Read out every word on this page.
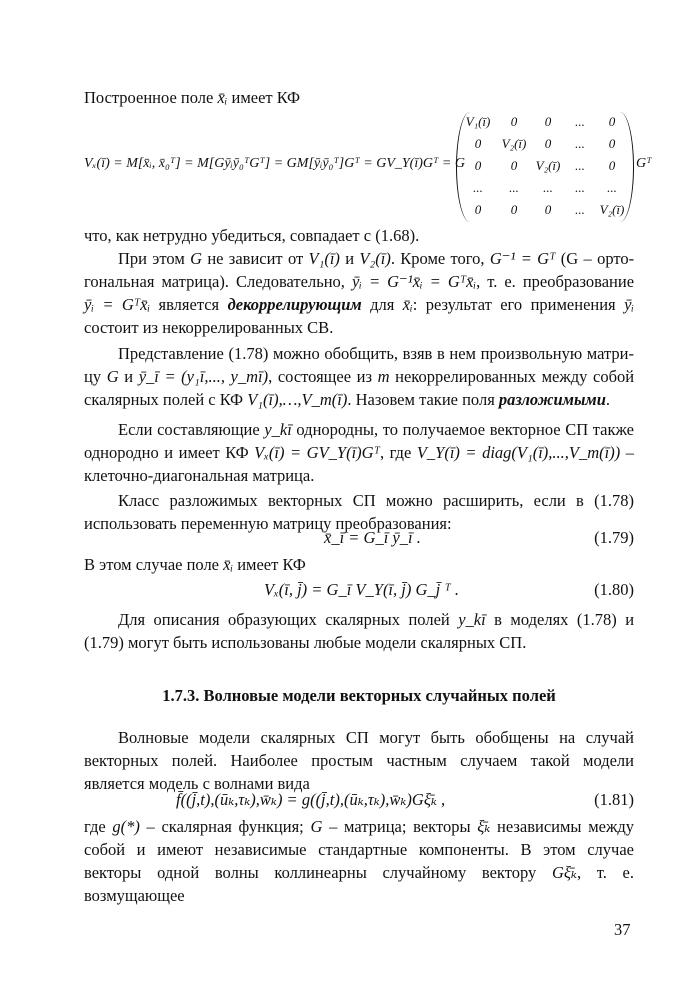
Построенное поле x̄ᵢ имеет КФ
Vₓ(ī) = M[x̄ᵢ, x̄₀ᵀ] = M[Gȳᵢȳ₀ᵀGᵀ] = GM[ȳᵢȳ₀ᵀ]Gᵀ = GV_Y(ī)Gᵀ = G
V₁(ī)	0	0	...	0
0	V₂(ī)	0	...	0
0	0	V₂(ī)	...	0
...	...	...	...	...
0	0	0	...	V₂(ī)
Gᵀ
что, как нетрудно убедиться, совпадает с (1.68).
При этом G не зависит от V₁(ī) и V₂(ī). Кроме того, G⁻¹ = Gᵀ (G – орто- гональная матрица). Следовательно, ȳᵢ = G⁻¹x̄ᵢ = Gᵀx̄ᵢ, т. е. преобразование ȳᵢ = Gᵀx̄ᵢ является декоррелирующим для x̄ᵢ: результат его применения ȳᵢ состоит из некоррелированных СВ.
Представление (1.78) можно обобщить, взяв в нем произвольную матри- цу G и ȳ_ī = (y₁ī,..., y_mī), состоящее из m некоррелированных между собой скалярных полей с КФ V₁(ī),…,V_m(ī). Назовем такие поля разложимыми.
Если составляющие y_kī однородны, то получаемое векторное СП также однородно и имеет КФ Vₓ(ī) = GV_Y(ī)Gᵀ, где V_Y(ī) = diag(V₁(ī),...,V_m(ī)) – клеточно-диагональная матрица.
Класс разложимых векторных СП можно расширить, если в (1.78) использовать переменную матрицу преобразования:
x̄_ī = G_ī ȳ_ī .	(1.79)
В этом случае поле x̄ᵢ имеет КФ
Vₓ(ī, j̄) = G_ī V_Y(ī, j̄) G_j̄ ᵀ .	(1.80)
Для описания образующих скалярных полей y_kī в моделях (1.78) и (1.79) могут быть использованы любые модели скалярных СП.
1.7.3. Волновые модели векторных случайных полей
Волновые модели скалярных СП могут быть обобщены на случай векторных полей. Наиболее простым частным случаем такой модели является модель с волнами вида
f̄((j̄,t),(ūₖ,τₖ),w̄ₖ) = g((j̄,t),(ūₖ,τₖ),w̄ₖ)Gξ̄ₖ ,	(1.81)
где g(*) – скалярная функция; G – матрица; векторы ξ̄ₖ независимы между собой и имеют независимые стандартные компоненты. В этом случае векторы одной волны коллинеарны случайному вектору Gξ̄ₖ, т. е. возмущающее
37
